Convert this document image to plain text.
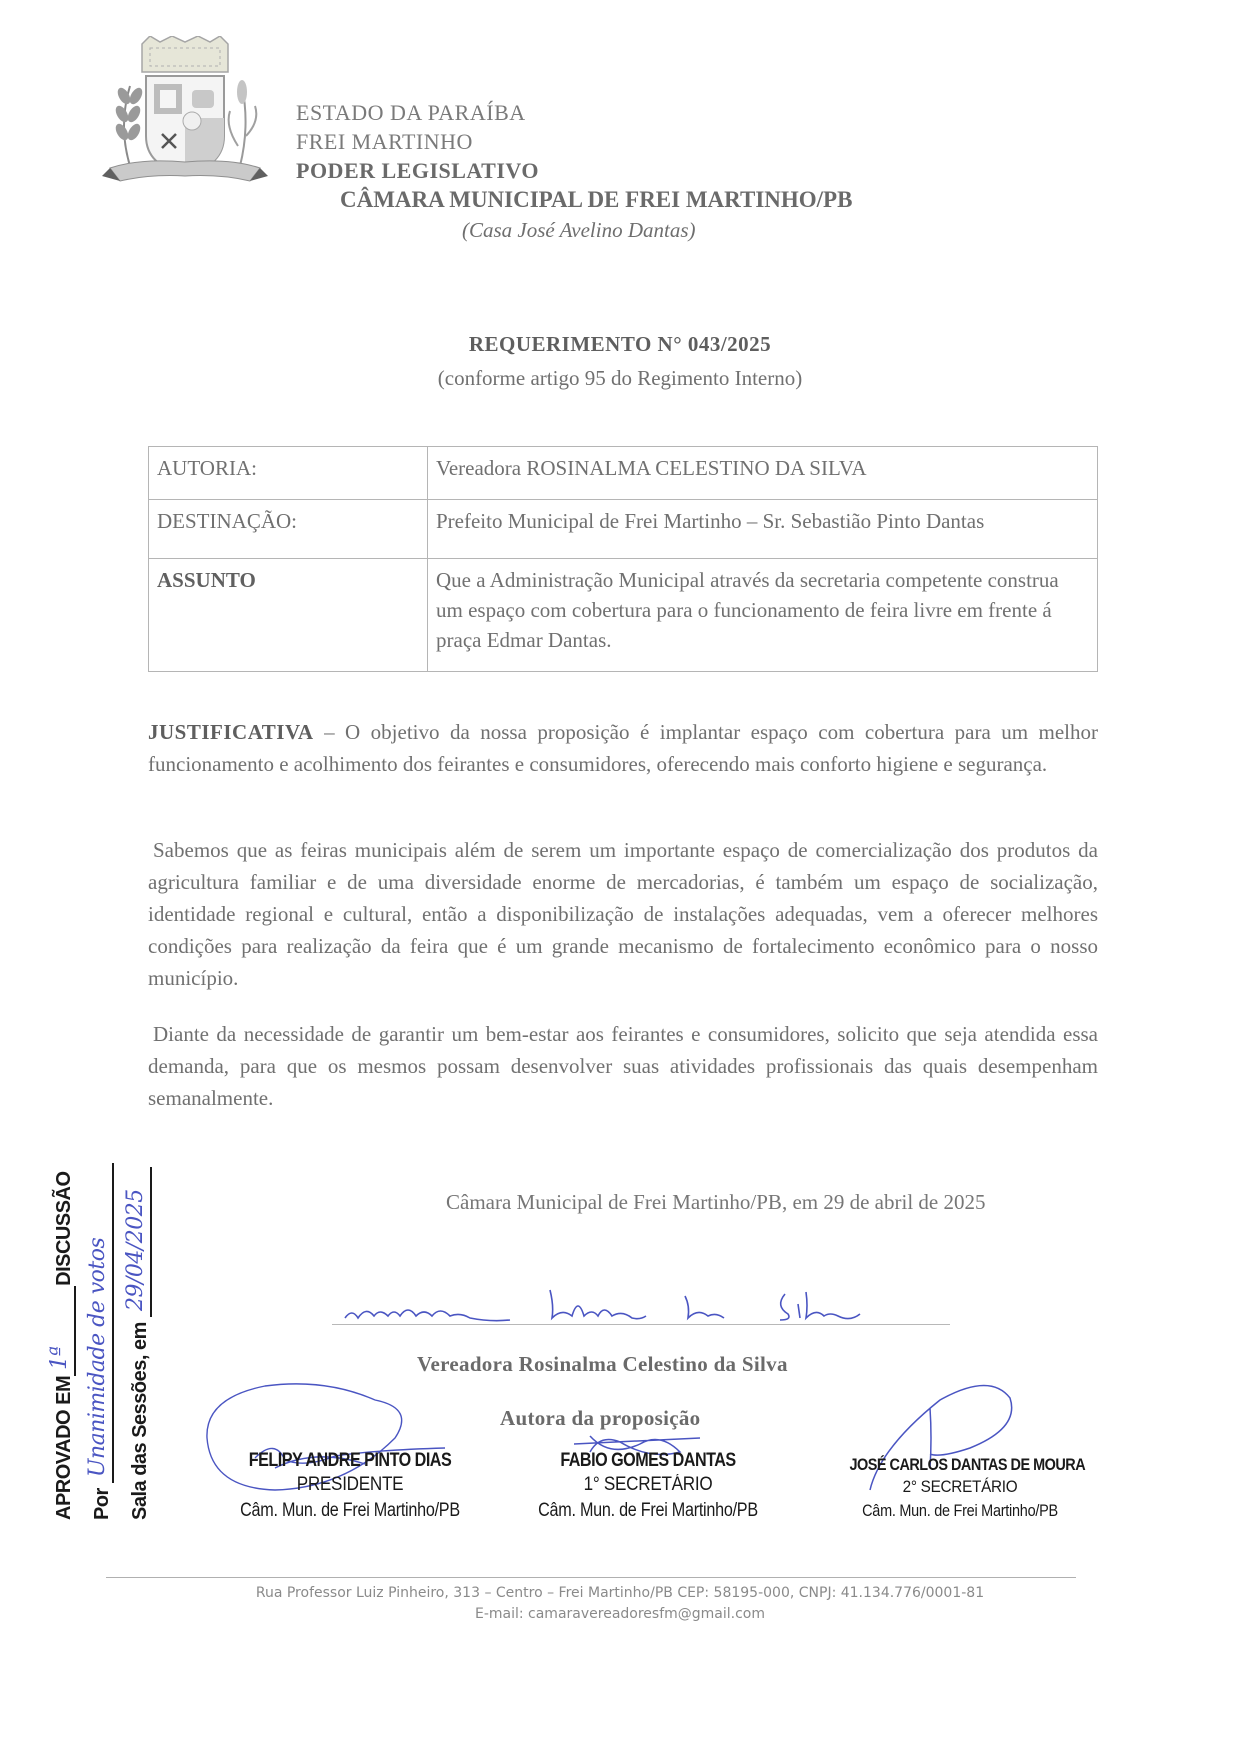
ESTADO DA PARAÍBA
FREI MARTINHO
PODER LEGISLATIVO
CÂMARA MUNICIPAL DE FREI MARTINHO/PB
(Casa José Avelino Dantas)
REQUERIMENTO N° 043/2025
(conforme artigo 95 do Regimento Interno)
AUTORIA:	Vereadora ROSINALMA CELESTINO DA SILVA
DESTINAÇÃO:	Prefeito Municipal de Frei Martinho – Sr. Sebastião Pinto Dantas
ASSUNTO	Que a Administração Municipal através da secretaria competente construa um espaço com cobertura para o funcionamento de feira livre em frente á praça Edmar Dantas.
JUSTIFICATIVA – O objetivo da nossa proposição é implantar espaço com cobertura para um melhor funcionamento e acolhimento dos feirantes e consumidores, oferecendo mais conforto higiene e segurança.
Sabemos que as feiras municipais além de serem um importante espaço de comercialização dos produtos da agricultura familiar e de uma diversidade enorme de mercadorias, é também um espaço de socialização, identidade regional e cultural, então a disponibilização de instalações adequadas, vem a oferecer melhores condições para realização da feira que é um grande mecanismo de fortalecimento econômico para o nosso município.
Diante da necessidade de garantir um bem-estar aos feirantes e consumidores, solicito que seja atendida essa demanda, para que os mesmos possam desenvolver suas atividades profissionais das quais desempenham semanalmente.
Câmara Municipal de Frei Martinho/PB, em 29 de abril de 2025
Vereadora Rosinalma Celestino da Silva
Autora da proposição
FELIPY ANDRE PINTO DIAS
PRESIDENTE
Câm. Mun. de Frei Martinho/PB
FABIO GOMES DANTAS
1° SECRETÁRIO
Câm. Mun. de Frei Martinho/PB
JOSÉ CARLOS DANTAS DE MOURA
2° SECRETÁRIO
Câm. Mun. de Frei Martinho/PB
APROVADO EM
1ª
DISCUSSÃO
Por
Unanimidade de votos Sala das Sessões, em
29/04/2025
Rua Professor Luiz Pinheiro, 313 – Centro – Frei Martinho/PB CEP: 58195-000, CNPJ: 41.134.776/0001-81
E-mail: camaravereadoresfm@gmail.com
